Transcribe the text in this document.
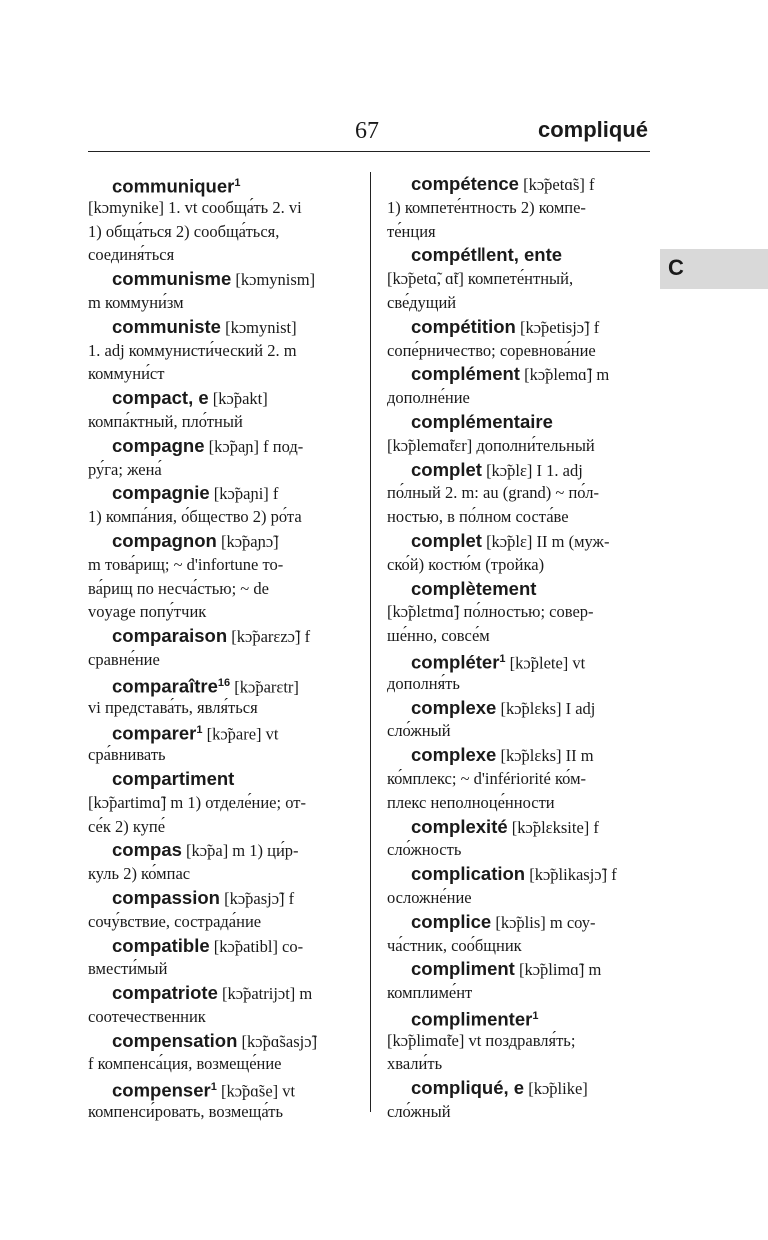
67	compliqué
C
communiquer$^1$
[kɔmynike] 1. vt сообща́ть 2. vi
1) обща́ться 2) сообща́ться,
соединя́ться
communisme [kɔmynism]
m коммуни́зм
communiste [kɔmynist]
1. adj коммунисти́ческий 2. m
коммуни́ст
compact, e [kɔ̃pakt]
компа́ктный, пло́тный
compagne [kɔ̃paɲ] f под-
ру́га; жена́
compagnie [kɔ̃paɲi] f
1) компа́ния, о́бщество 2) ро́та
compagnon [kɔ̃paɲɔ̃]
m това́рищ; ~ d'infortune то-
ва́рищ по несча́стью; ~ de
voyage попу́тчик
comparaison [kɔ̃parɛzɔ̃] f
сравне́ние
comparaître$^{16}$ [kɔ̃parɛtr]
vi представа́ть, явля́ться
comparer$^1$ [kɔ̃pare] vt
сра́внивать
compartiment
[kɔ̃partimɑ̃] m 1) отделе́ние; от-
се́к 2) купе́
compas [kɔ̃pa] m 1) ци́р-
куль 2) ко́мпас
compassion [kɔ̃pasjɔ̃] f
сочу́вствие, сострада́ние
compatible [kɔ̃patibl] со-
вмести́мый
compatriote [kɔ̃patrijɔt] m
соотечественник
compensation [kɔ̃pɑ̃sasjɔ̃]
f компенса́ция, возмеще́ние
compenser$^1$ [kɔ̃pɑ̃se] vt
компенси́ровать, возмеща́ть
compétence [kɔ̃petɑ̃s] f
1) компете́нтность 2) компе-
те́нция
compét‖ent, ente
[kɔ̃petɑ̃, ɑ̃t] компете́нтный,
све́дущий
compétition [kɔ̃petisjɔ̃] f
сопе́рничество; соревнова́ние
complément [kɔ̃plemɑ̃] m
дополне́ние
complémentaire
[kɔ̃plemɑ̃tɛr] дополни́тельный
complet [kɔ̃plɛ] I 1. adj
по́лный 2. m: au (grand) ~ по́л-
ностью, в по́лном соста́ве
complet [kɔ̃plɛ] II m (муж-
ско́й) костю́м (тройка)
complètement
[kɔ̃plɛtmɑ̃] по́лностью; совер-
ше́нно, совсе́м
compléter$^1$ [kɔ̃plete] vt
дополня́ть
complexe [kɔ̃plɛks] I adj
сло́жный
complexe [kɔ̃plɛks] II m
ко́мплекс; ~ d'infériorité ко́м-
плекс неполноце́нности
complexité [kɔ̃plɛksite] f
сло́жность
complication [kɔ̃plikasjɔ̃] f
осложне́ние
complice [kɔ̃plis] m соу-
ча́стник, соо́бщник
compliment [kɔ̃plimɑ̃] m
комплиме́нт
complimenter$^1$
[kɔ̃plimɑ̃te] vt поздравля́ть;
хвали́ть
compliqué, e [kɔ̃plike]
сло́жный
